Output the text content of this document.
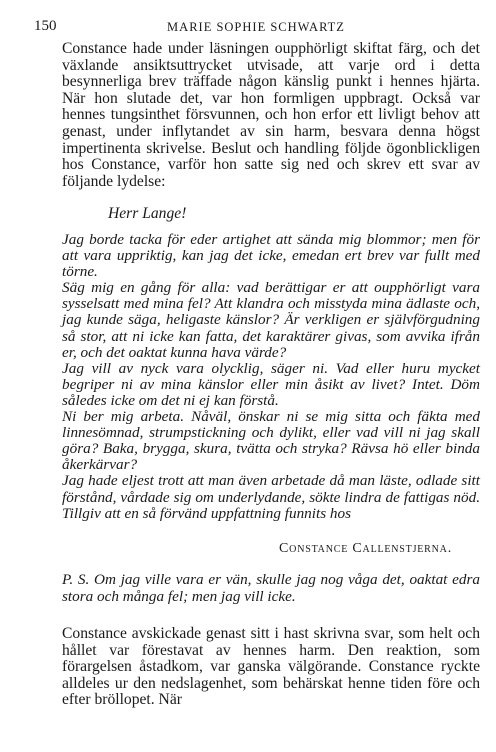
150	MARIE SOPHIE SCHWARTZ

Constance hade under läsningen oupphörligt skiftat färg, och det växlande ansiktsuttrycket utvisade, att varje ord i detta besynnerliga brev träffade någon känslig punkt i hennes hjärta. När hon slutade det, var hon formligen uppbragt. Också var hennes tungsinthet försvunnen, och hon erfor ett livligt behov att genast, under inflytandet av sin harm, besvara denna högst impertinenta skrivelse. Beslut och handling följde ögonblickligen hos Constance, varför hon satte sig ned och skrev ett svar av följande lydelse:

Herr Lange!

Jag borde tacka för eder artighet att sända mig blommor; men för att vara uppriktig, kan jag det icke, emedan ert brev var fullt med törne.

Säg mig en gång för alla: vad berättigar er att oupphörligt vara sysselsatt med mina fel? Att klandra och misstyda mina ädlaste och, jag kunde säga, heligaste känslor? Är verkligen er självförgudning så stor, att ni icke kan fatta, det karaktärer givas, som avvika ifrån er, och det oaktat kunna hava värde?

Jag vill av nyck vara olycklig, säger ni. Vad eller huru mycket begriper ni av mina känslor eller min åsikt av livet? Intet. Döm således icke om det ni ej kan förstå.

Ni ber mig arbeta. Nåväl, önskar ni se mig sitta och fäkta med linnesömnad, strumpstickning och dylikt, eller vad vill ni jag skall göra? Baka, brygga, skura, tvätta och stryka? Rävsa hö eller binda åkerkärvar?

Jag hade eljest trott att man även arbetade då man läste, odlade sitt förstånd, vårdade sig om underlydande, sökte lindra de fattigas nöd. Tillgiv att en så förvänd uppfattning funnits hos

Constance Callenstjerna.
P. S. Om jag ville vara er vän, skulle jag nog våga det, oaktat edra stora och många fel; men jag vill icke.

Constance avskickade genast sitt i hast skrivna svar, som helt och hållet var förestavat av hennes harm. Den reaktion, som förargelsen åstadkom, var ganska välgörande. Constance ryckte alldeles ur den nedslagenhet, som behärskat henne tiden före och efter bröllopet. När
